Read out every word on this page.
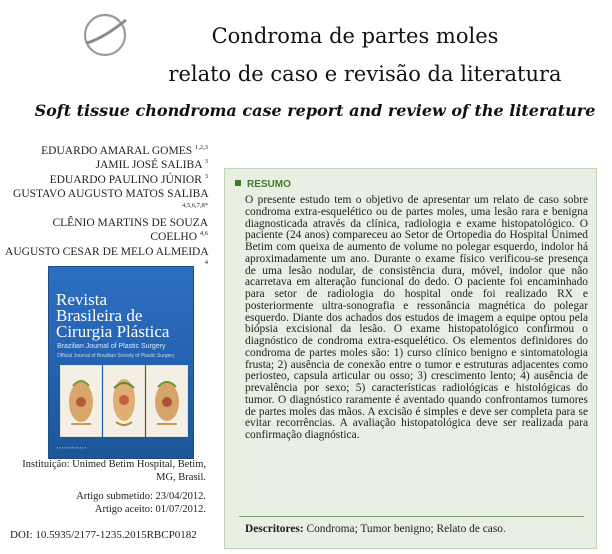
Condroma de partes moles
relato de caso e revisão da literatura
Soft tissue chondroma case report and review of the literature
EDUARDO AMARAL GOMES $^{1,2,3}$
JAMIL JOSÉ SALIBA $^3$
EDUARDO PAULINO JÚNIOR $^3$
GUSTAVO AUGUSTO MATOS SALIBA $^{4,5,6,7,8*}$
CLÊNIO MARTINS DE SOUZA COELHO $^{4,6}$
AUGUSTO CESAR DE MELO ALMEIDA $^4$
Revista
Brasileira de
Cirurgia Plástica
Brazilian Journal of Plastic Surgery
Official Journal of Brazilian Society of Plastic Surgery
▪ ▪ ▪ ▪ ▪ ▪ ▪ ▪ ▪ ▪ ▪ ▪
Instituição: Unimed Betim Hospital, Betim, MG, Brasil.
Artigo submetido: 23/04/2012.
Artigo aceito: 01/07/2012.
DOI: 10.5935/2177-1235.2015RBCP0182
RESUMO
O presente estudo tem o objetivo de apresentar um relato de caso sobre condroma extra-esquelético ou de partes moles, uma lesão rara e benigna diagnosticada através da clínica, radiologia e exame histopatológico. O paciente (24 anos) compareceu ao Setor de Ortopedia do Hospital Unimed Betim com queixa de aumento de volume no polegar esquerdo, indolor há aproximadamente um ano. Durante o exame físico verificou-se presença de uma lesão nodular, de consistência dura, móvel, indolor que não acarretava em alteração funcional do dedo. O paciente foi encaminhado para setor de radiologia do hospital onde foi realizado RX e posteriormente ultra-sonografia e ressonância magnética do polegar esquerdo. Diante dos achados dos estudos de imagem a equipe optou pela biópsia excisional da lesão. O exame histopatológico confirmou o diagnóstico de condroma extra-esquelético. Os elementos definidores do condroma de partes moles são: 1) curso clínico benigno e sintomatologia frusta; 2) ausência de conexão entre o tumor e estruturas adjacentes como periosteo, capsula articular ou osso; 3) crescimento lento; 4) ausência de prevalência por sexo; 5) características radiológicas e histológicas do tumor. O diagnóstico raramente é aventado quando confrontamos tumores de partes moles das mãos. A excisão é simples e deve ser completa para se evitar recorrências. A avaliação histopatológica deve ser realizada para confirmação diagnóstica.
Descritores: Condroma; Tumor benigno; Relato de caso.
